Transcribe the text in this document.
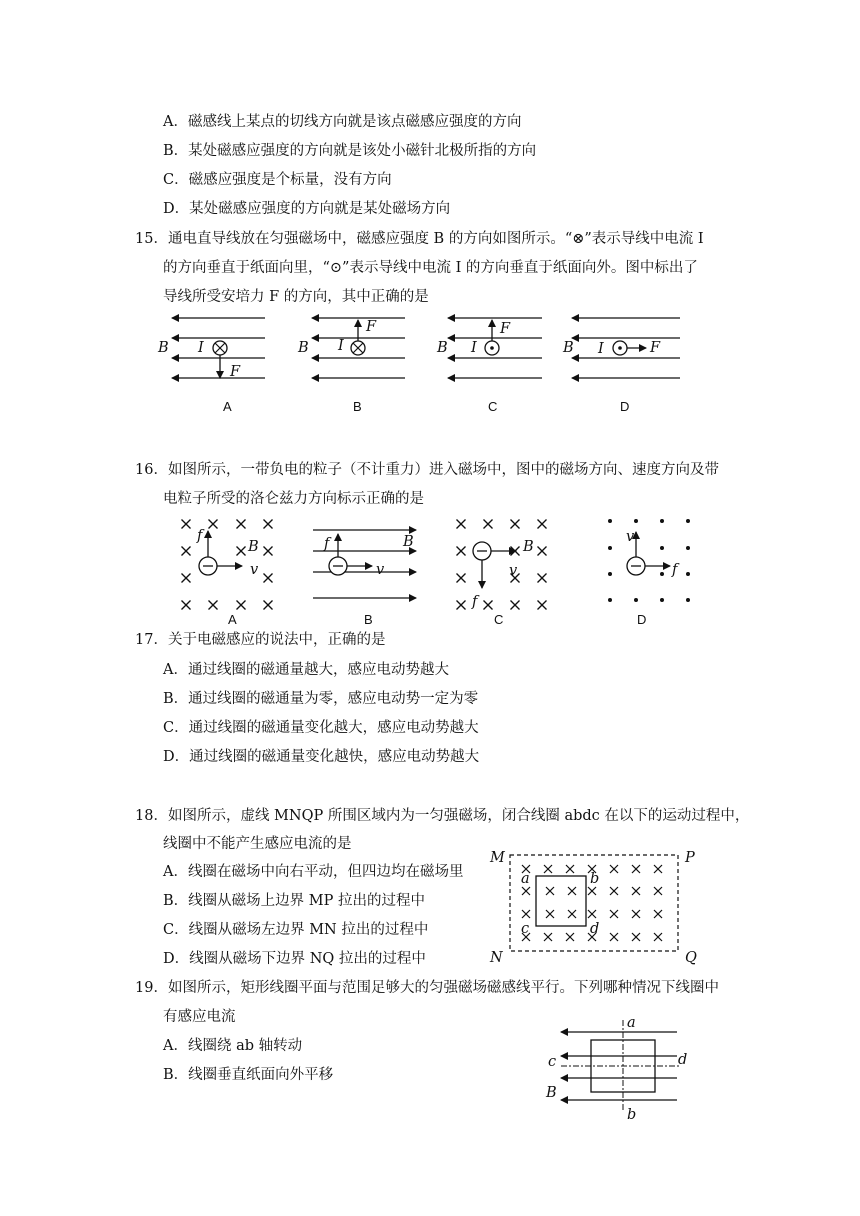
A．磁感线上某点的切线方向就是该点磁感应强度的方向
B．某处磁感应强度的方向就是该处小磁针北极所指的方向
C．磁感应强度是个标量，没有方向
D．某处磁感应强度的方向就是某处磁场方向
15．通电直导线放在匀强磁场中，磁感应强度 B 的方向如图所示。“⊗”表示导线中电流 I
的方向垂直于纸面向里，“⊙”表示导线中电流 I 的方向垂直于纸面向外。图中标出了
导线所受安培力 F 的方向，其中正确的是
B I
F
A
B I
F
B
B I
F
C
B I	F
D
16．如图所示，一带负电的粒子（不计重力）进入磁场中，图中的磁场方向、速度方向及带
电粒子所受的洛仑兹力方向标示正确的是
f
B
v
A
f	B
v
B
B
v
f
C
v
f
D
17．关于电磁感应的说法中，正确的是
A．通过线圈的磁通量越大，感应电动势越大
B．通过线圈的磁通量为零，感应电动势一定为零
C．通过线圈的磁通量变化越大，感应电动势越大
D．通过线圈的磁通量变化越快，感应电动势越大
18．如图所示，虚线 MNQP 所围区域内为一匀强磁场，闭合线圈 abdc 在以下的运动过程中，
线圈中不能产生感应电流的是
A．线圈在磁场中向右平动，但四边均在磁场里
B．线圈从磁场上边界 MP 拉出的过程中
C．线圈从磁场左边界 MN 拉出的过程中
D．线圈从磁场下边界 NQ 拉出的过程中
M	P
N	Q
a	b
c	d
19．如图所示，矩形线圈平面与范围足够大的匀强磁场磁感线平行。下列哪种情况下线圈中
有感应电流
A．线圈绕 ab 轴转动
B．线圈垂直纸面向外平移
a
b
c	d
B
